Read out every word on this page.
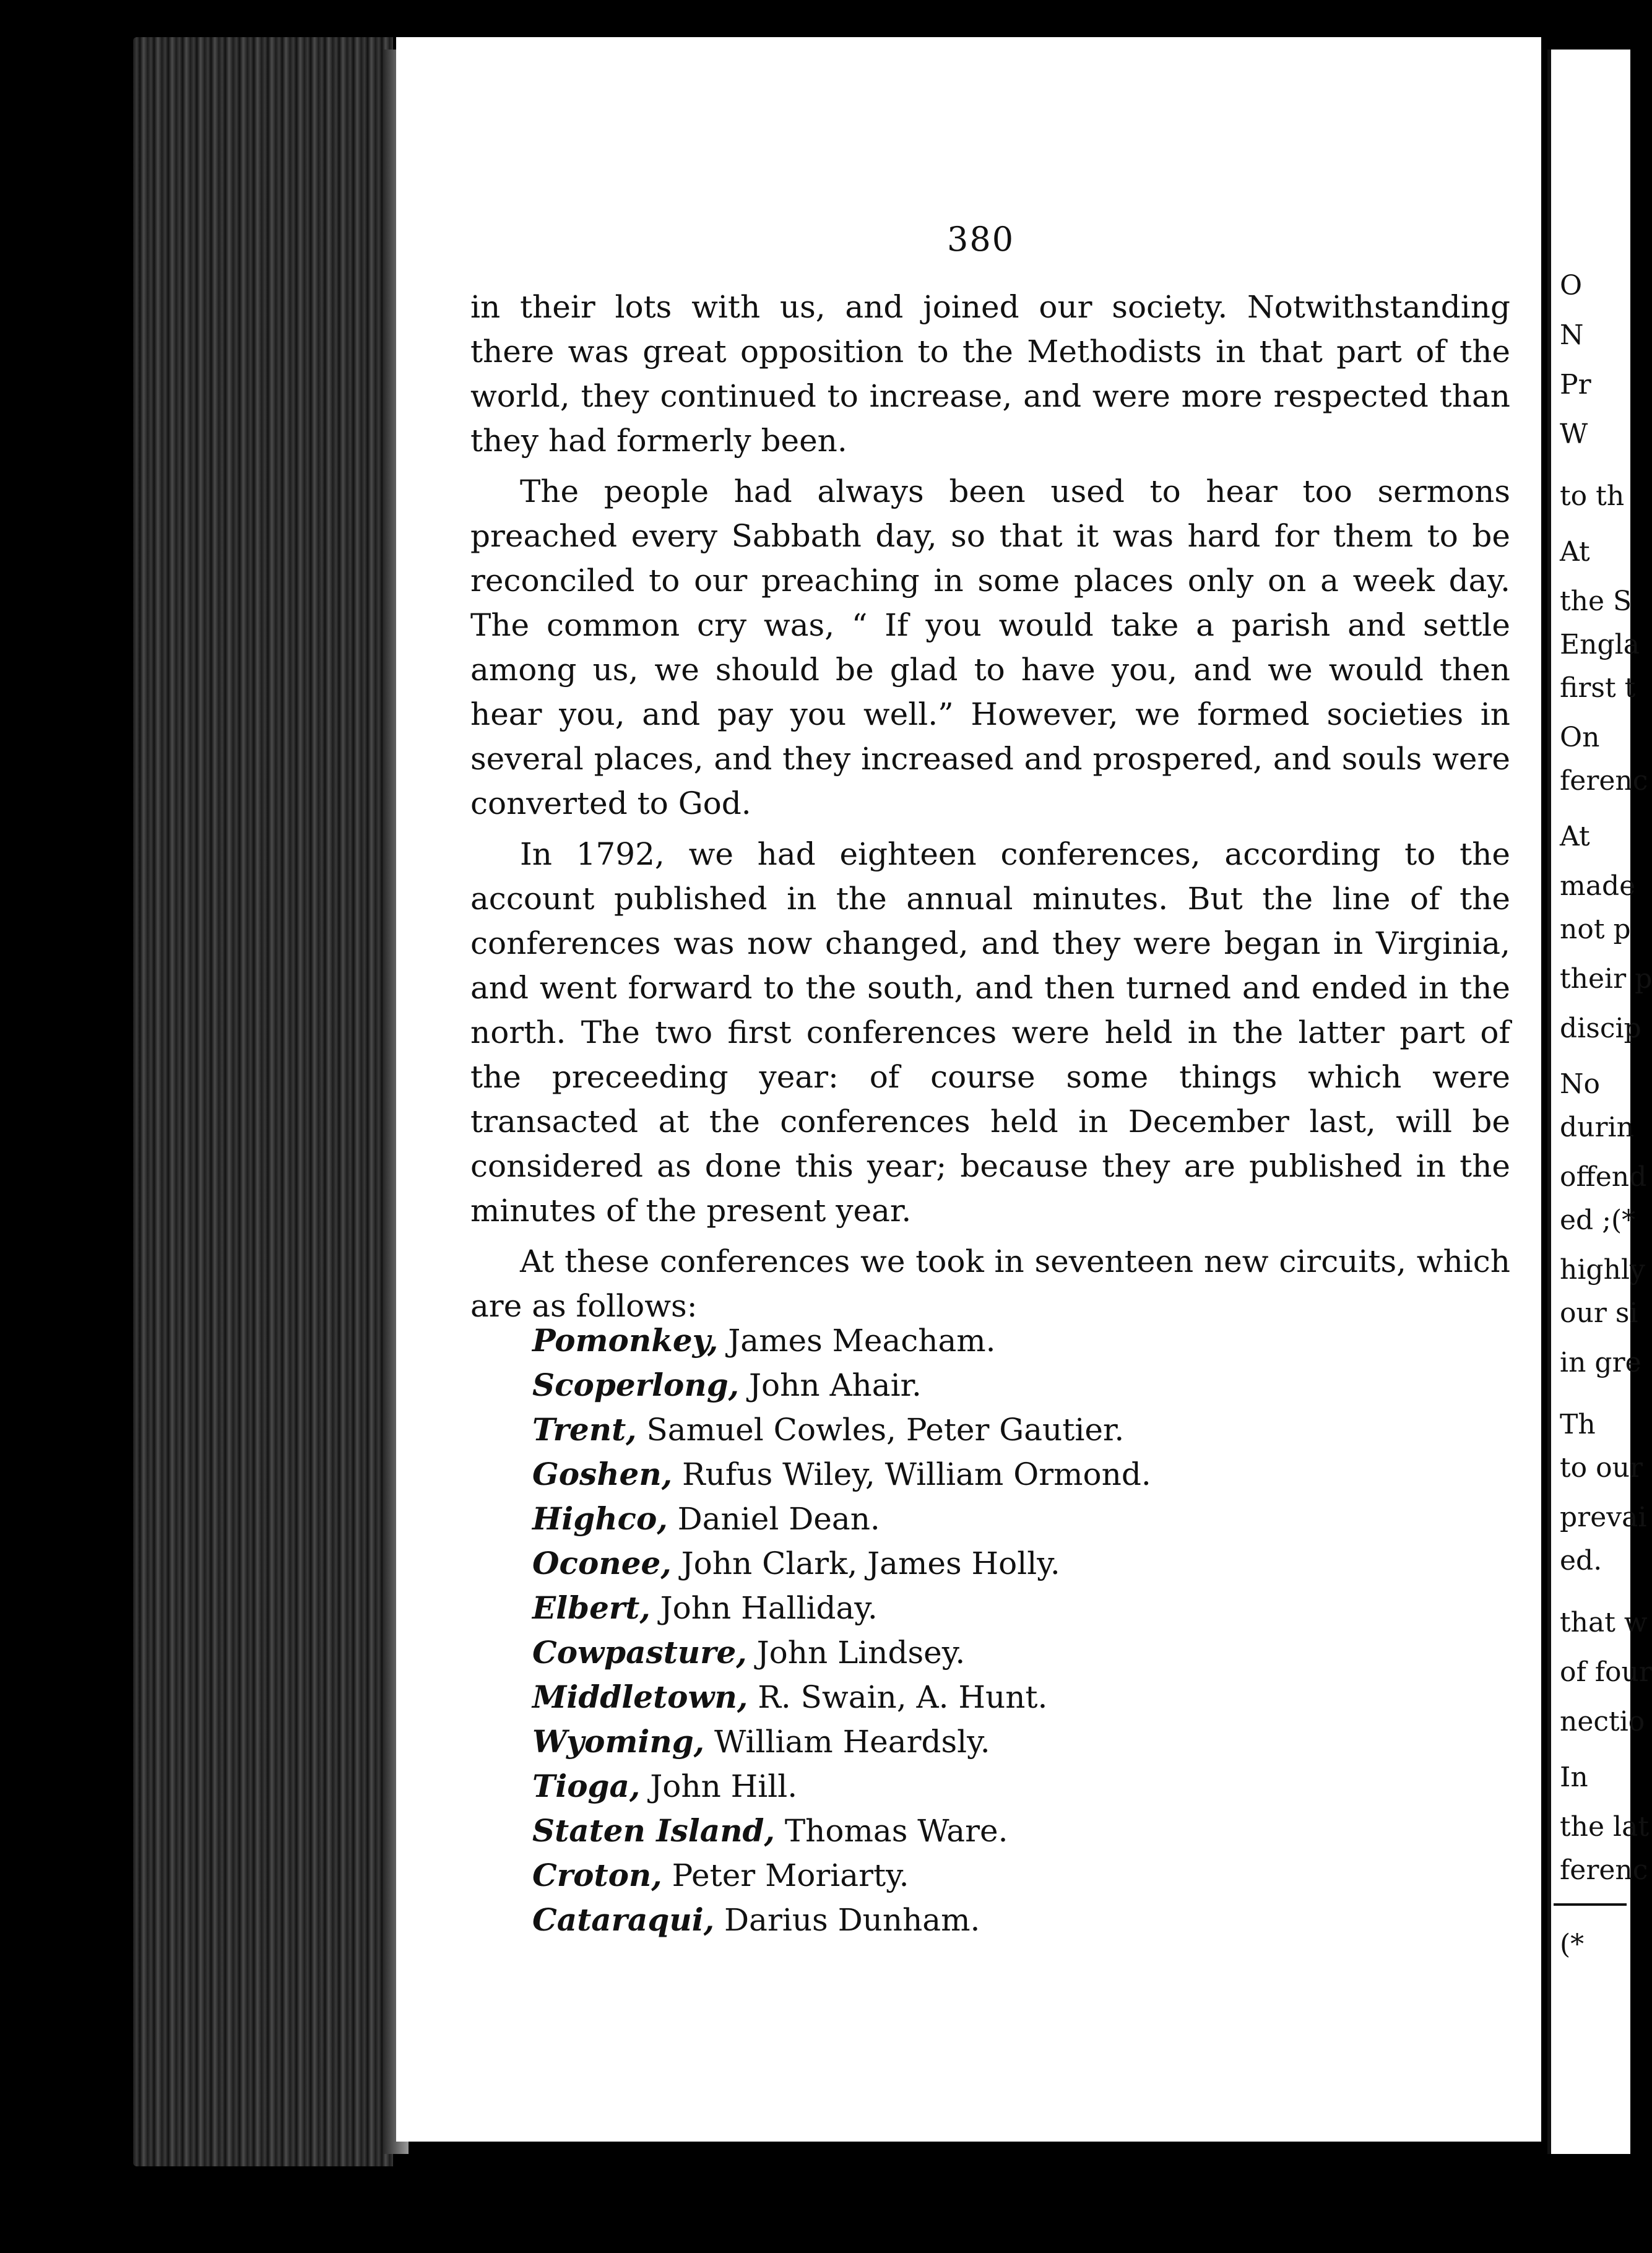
380

in their lots with us, and joined our society. Notwithstanding there was great opposition to the Methodists in that part of the world, they continued to increase, and were more respected than they had formerly been.

The people had always been used to hear too sermons preached every Sabbath day, so that it was hard for them to be reconciled to our preaching in some places only on a week day. The common cry was, “ If you would take a parish and settle among us, we should be glad to have you, and we would then hear you, and pay you well.” However, we formed societies in several places, and they increased and prospered, and souls were converted to God.

In 1792, we had eighteen conferences, according to the account published in the annual minutes. But the line of the conferences was now changed, and they were began in Virginia, and went forward to the south, and then turned and ended in the north. The two first conferences were held in the latter part of the preceeding year: of course some things which were transacted at the conferences held in December last, will be considered as done this year; because they are published in the minutes of the present year.

At these conferences we took in seventeen new circuits, which are as follows:

Pomonkey, James Meacham.
Scoperlong, John Ahair.
Trent, Samuel Cowles, Peter Gautier.
Goshen, Rufus Wiley, William Ormond.
Highco, Daniel Dean.
Oconee, John Clark, James Holly.
Elbert, John Halliday.
Cowpasture, John Lindsey.
Middletown, R. Swain, A. Hunt.
Wyoming, William Heardsly.
Tioga, John Hill.
Staten Island, Thomas Ware.
Croton, Peter Moriarty.
Cataraqui, Darius Dunham.
O
N
Pr
W
to th
At
the S
Engla
first t
On
ferenc
At
made
not p
their p
discip
No
durin
offend
ed ;(*
highly
our si
in gre
Th
to our
prevai
ed.
that w
of four
nectio
In
the lat
ferenc
(*
